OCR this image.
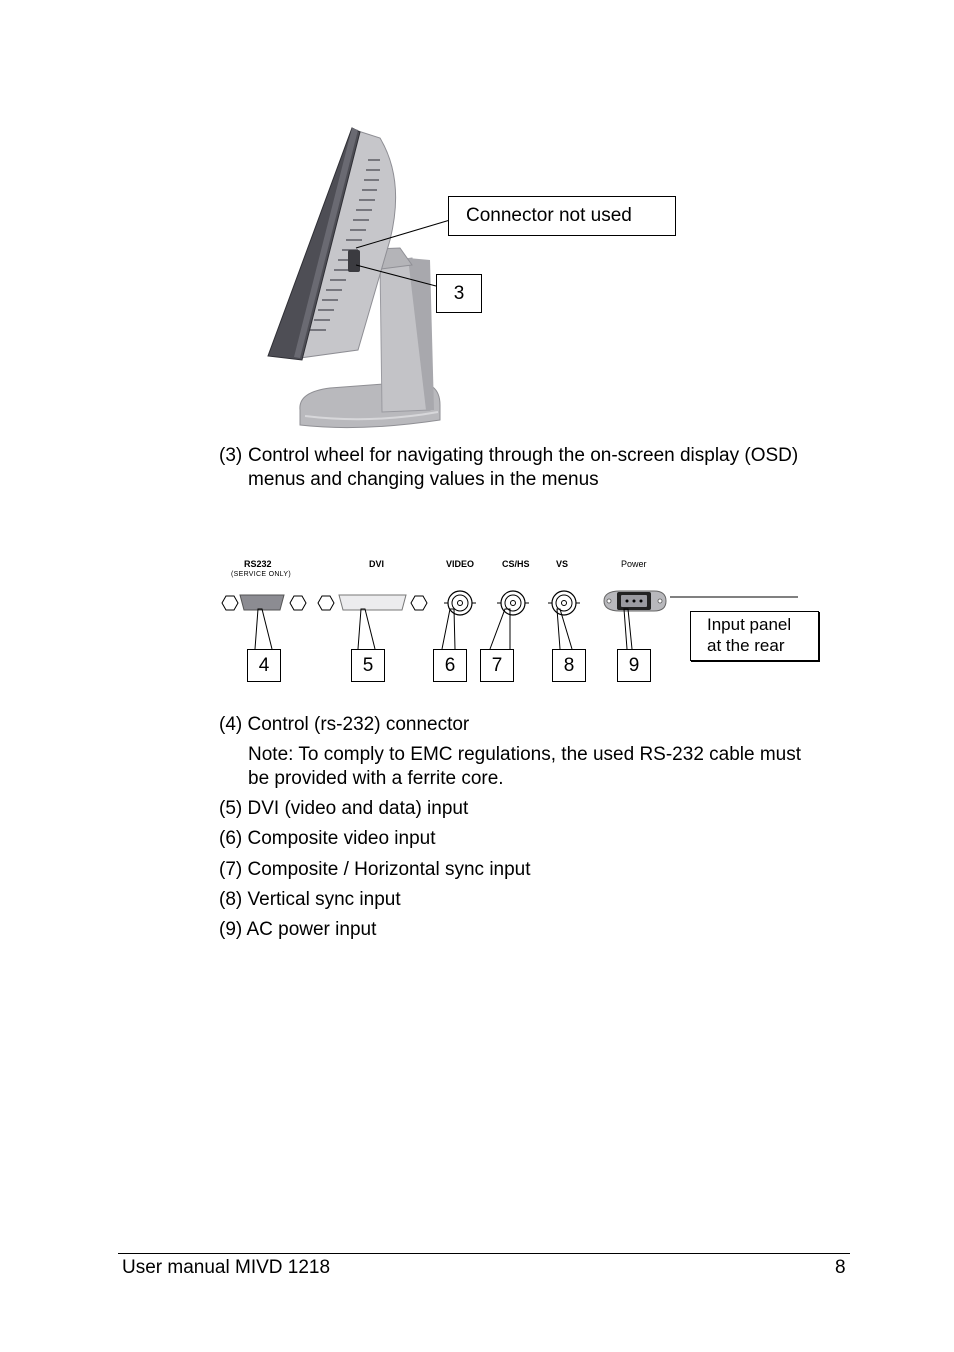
Connector not used
3
(3) Control wheel for navigating through the on-screen display (OSD)
menus and changing values in the menus
RS232
(SERVICE ONLY)
DVI	VIDEO	CS/HS	VS	Power
4	5	6	7	8	9
Input panel
at the rear
(4) Control (rs-232) connector
Note: To comply to EMC regulations, the used RS-232 cable must
be provided with a ferrite core.
(5) DVI (video and data) input
(6) Composite video input
(7) Composite / Horizontal sync input
(8) Vertical sync input
(9) AC power input
User manual MIVD 1218	8
